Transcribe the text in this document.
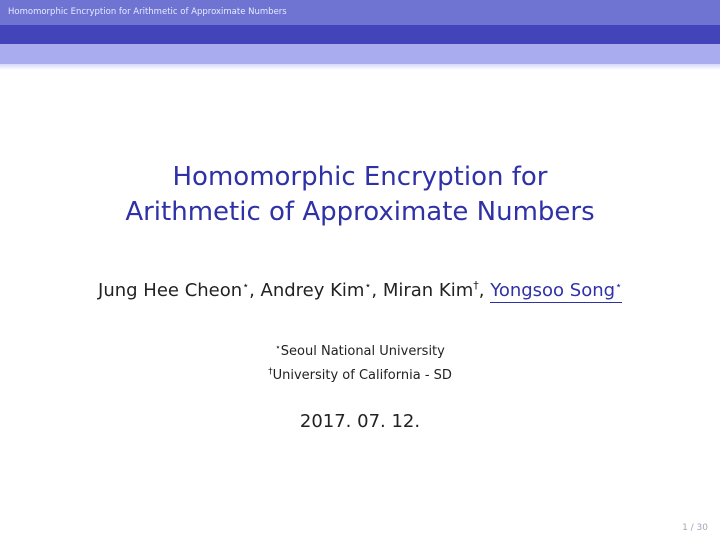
Homomorphic Encryption for Arithmetic of Approximate Numbers
Homomorphic Encryption for
Arithmetic of Approximate Numbers
Jung Hee Cheon⋆, Andrey Kim⋆, Miran Kim†, Yongsoo Song⋆
⋆Seoul National University
†University of California - SD
2017. 07. 12.
1 / 30
